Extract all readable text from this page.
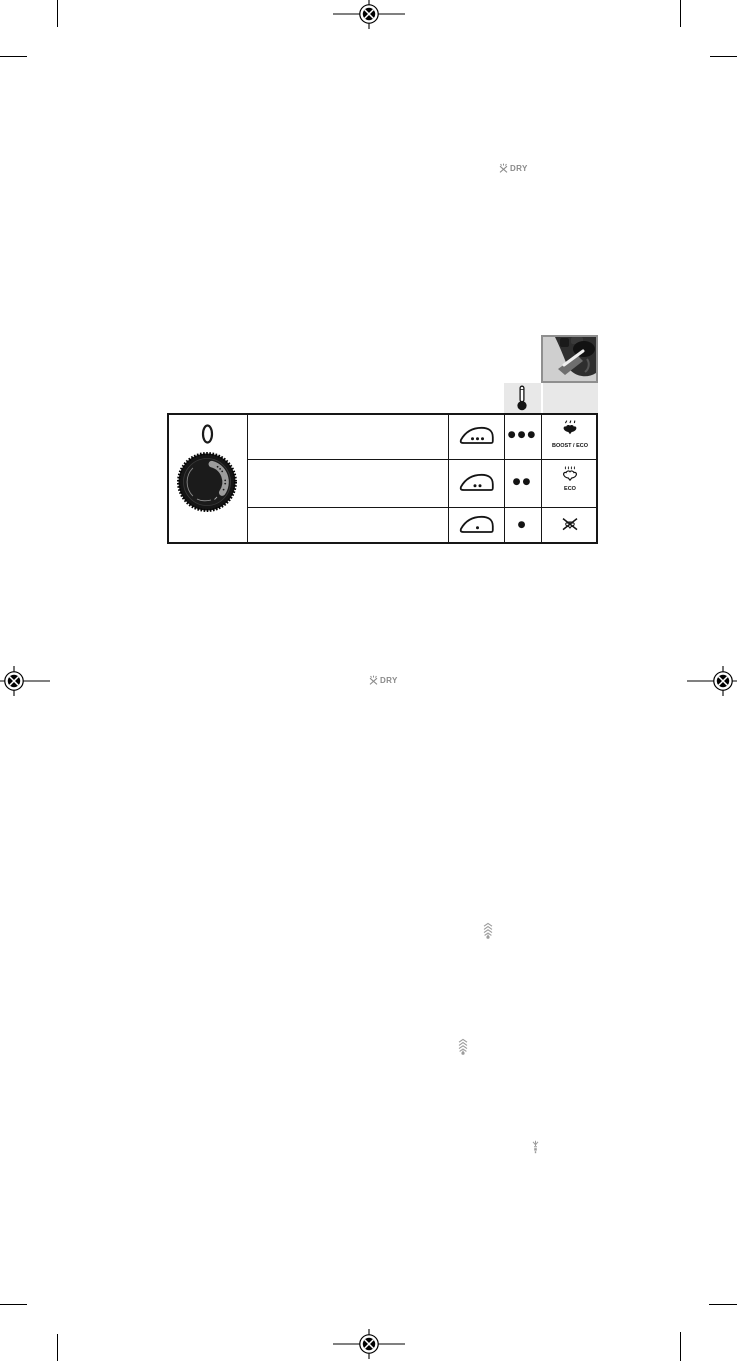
DRY
●●●
BOOST / ECO
●●
ECO
●
DRY
